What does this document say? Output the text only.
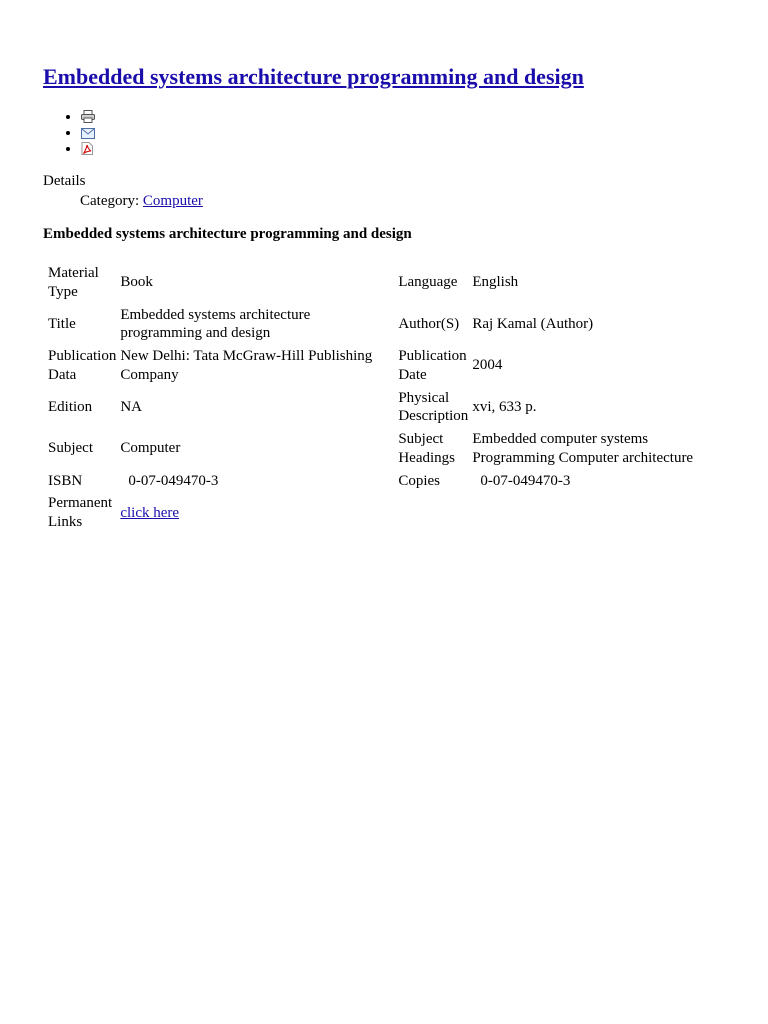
Embedded systems architecture programming and design
•
•
•
Details
Category: Computer
Embedded systems architecture programming and design
Material Type	Book	Language	English
Title	Embedded systems architecture programming and design	Author(S)	Raj Kamal (Author)
Publication Data	New Delhi: Tata McGraw-Hill Publishing Company	Publication Date	2004
Edition	NA	Physical Description	xvi, 633 p.
Subject	Computer	Subject Headings	Embedded computer systems Programming Computer architecture
ISBN	0-07-049470-3	Copies	0-07-049470-3
Permanent Links	click here		
